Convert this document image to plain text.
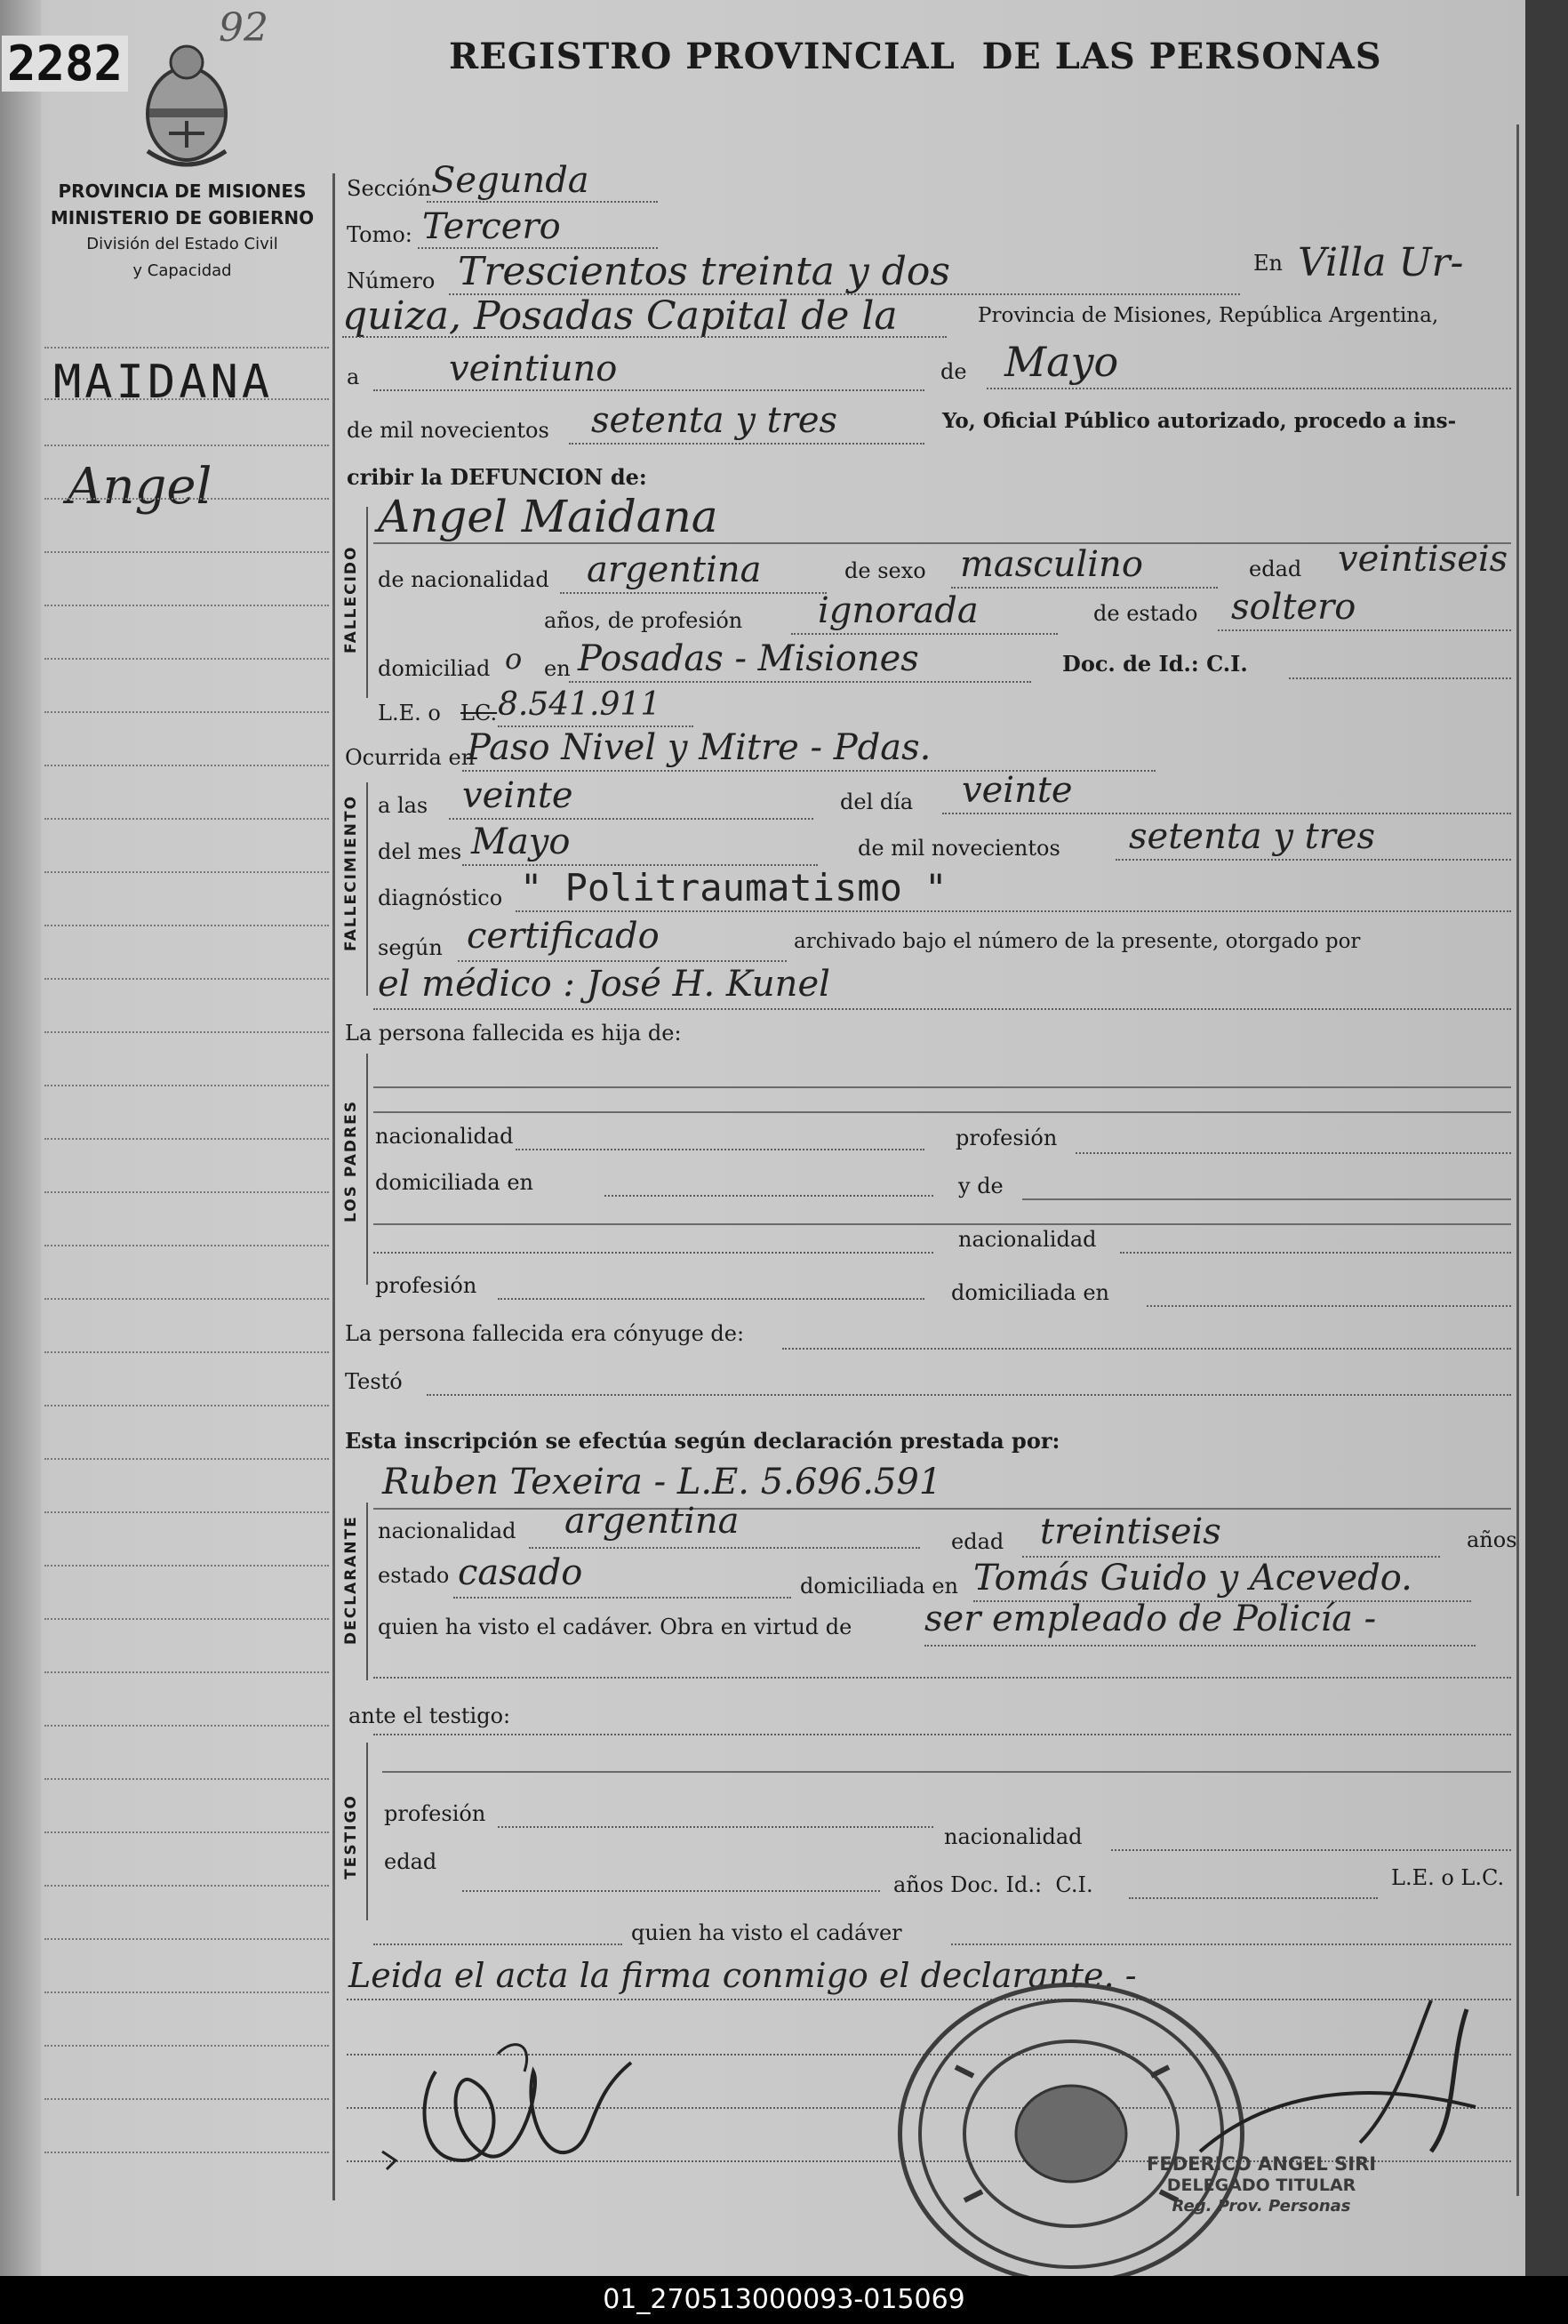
2282
92
REGISTRO PROVINCIAL  DE LAS PERSONAS
PROVINCIA DE MISIONES
MINISTERIO DE GOBIERNO
División del Estado Civil
y Capacidad
MAIDANA
Angel
Sección Segunda
Tomo: Tercero
Número Trescientos treinta y dos	En Villa Ur-
quiza, Posadas Capital de la	Provincia de Misiones, República Argentina,
a	veintiuno	de Mayo
de mil novecientos setenta y tres	Yo, Oficial Público autorizado, procedo a ins-
cribir la DEFUNCION de:
FALLECIDO
Angel Maidana
de nacionalidad argentina	de sexo masculino	edad veintiseis
años, de profesión ignorada	de estado soltero
domiciliad o en Posadas - Misiones	Doc. de Id.: C.I.
L.E. o LC. 8.541.911
Ocurrida en
Paso Nivel y Mitre - Pdas.
FALLECIMIENTO a las veinte	del día veinte
del mes Mayo	de mil novecientos setenta y tres
diagnóstico " Politraumatismo "
según certificado	archivado bajo el número de la presente, otorgado por
el médico : José H. Kunel
La persona fallecida es hija de:
LOS PADRES nacionalidad	profesión
domiciliada en	y de
nacionalidad
profesión	domiciliada en
La persona fallecida era cónyuge de:
Testó
Esta inscripción se efectúa según declaración prestada por:
Ruben Texeira - L.E. 5.696.591
DECLARANTE nacionalidad argentina	edad treintiseis	años
estado casado	domiciliada en Tomás Guido y Acevedo.
quien ha visto el cadáver. Obra en virtud de ser empleado de Policía -
ante el testigo:
TESTIGO profesión
nacionalidad
edad
años Doc. Id.:  C.I.	L.E. o L.C.
quien ha visto el cadáver
Leida el acta la firma conmigo el declarante. -
FEDERICO ANGEL SIRI
DELEGADO TITULAR
Reg. Prov. Personas
01_270513000093-015069
